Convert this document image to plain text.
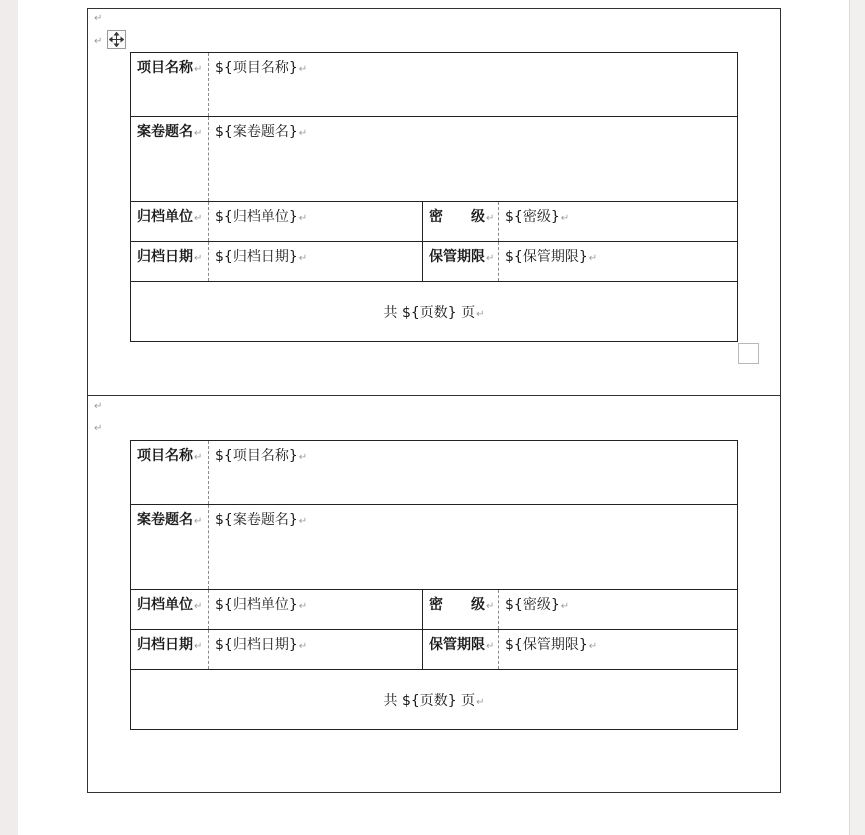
↵
↵
项目名称↵	${项目名称}↵		
案卷题名↵	${案卷题名}↵		
归档单位↵	${归档单位}↵	密 级↵	${密级}↵
归档日期↵	${归档日期}↵	保管期限↵	${保管期限}↵
共 ${页数} 页↵			
↵
↵
项目名称↵	${项目名称}↵		
案卷题名↵	${案卷题名}↵		
归档单位↵	${归档单位}↵	密 级↵	${密级}↵
归档日期↵	${归档日期}↵	保管期限↵	${保管期限}↵
共 ${页数} 页↵			
